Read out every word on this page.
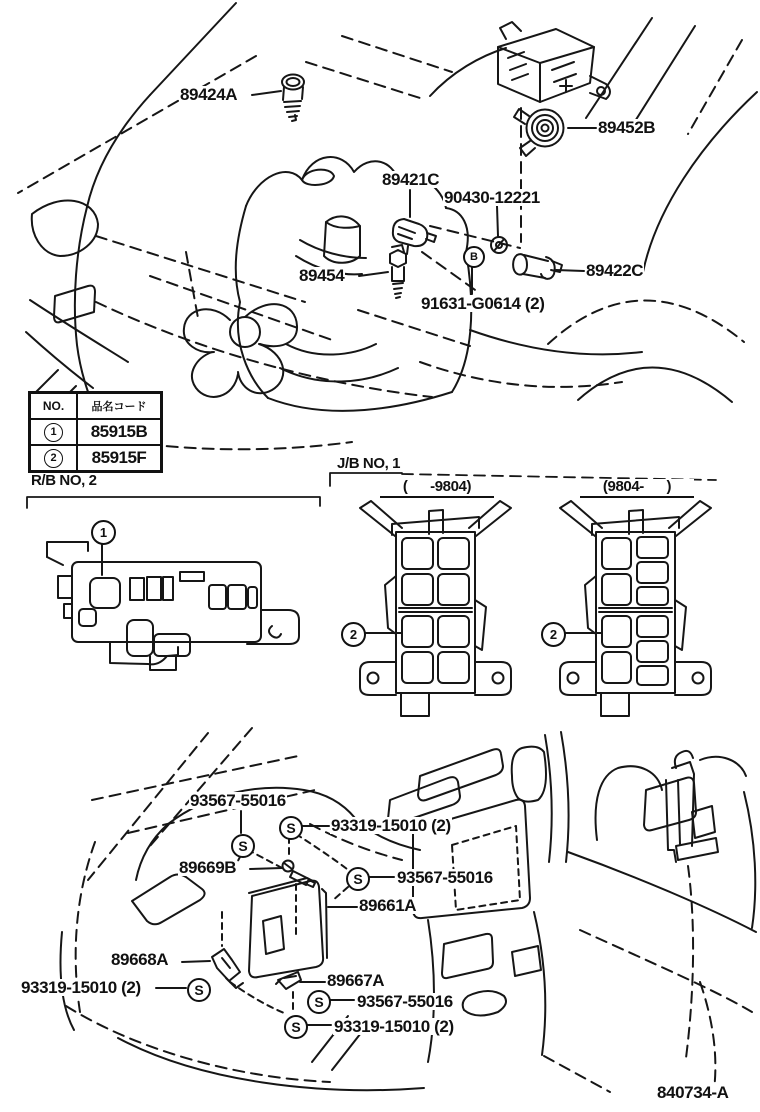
89424A
89452B
89421C
90430-12221
89454	89422C
91631-G0614 (2)
B
NO.	品名コード
1	85915B
2	85915F
R/B NO, 2
J/B NO, 1
(      -9804)	(9804-      )
1
2	2
93567-55016
93319-15010 (2)
89669B
93567-55016
89661A
89668A
93319-15010 (2)	89667A
93567-55016
93319-15010 (2)
S
S
S
S
S
S
840734-A
